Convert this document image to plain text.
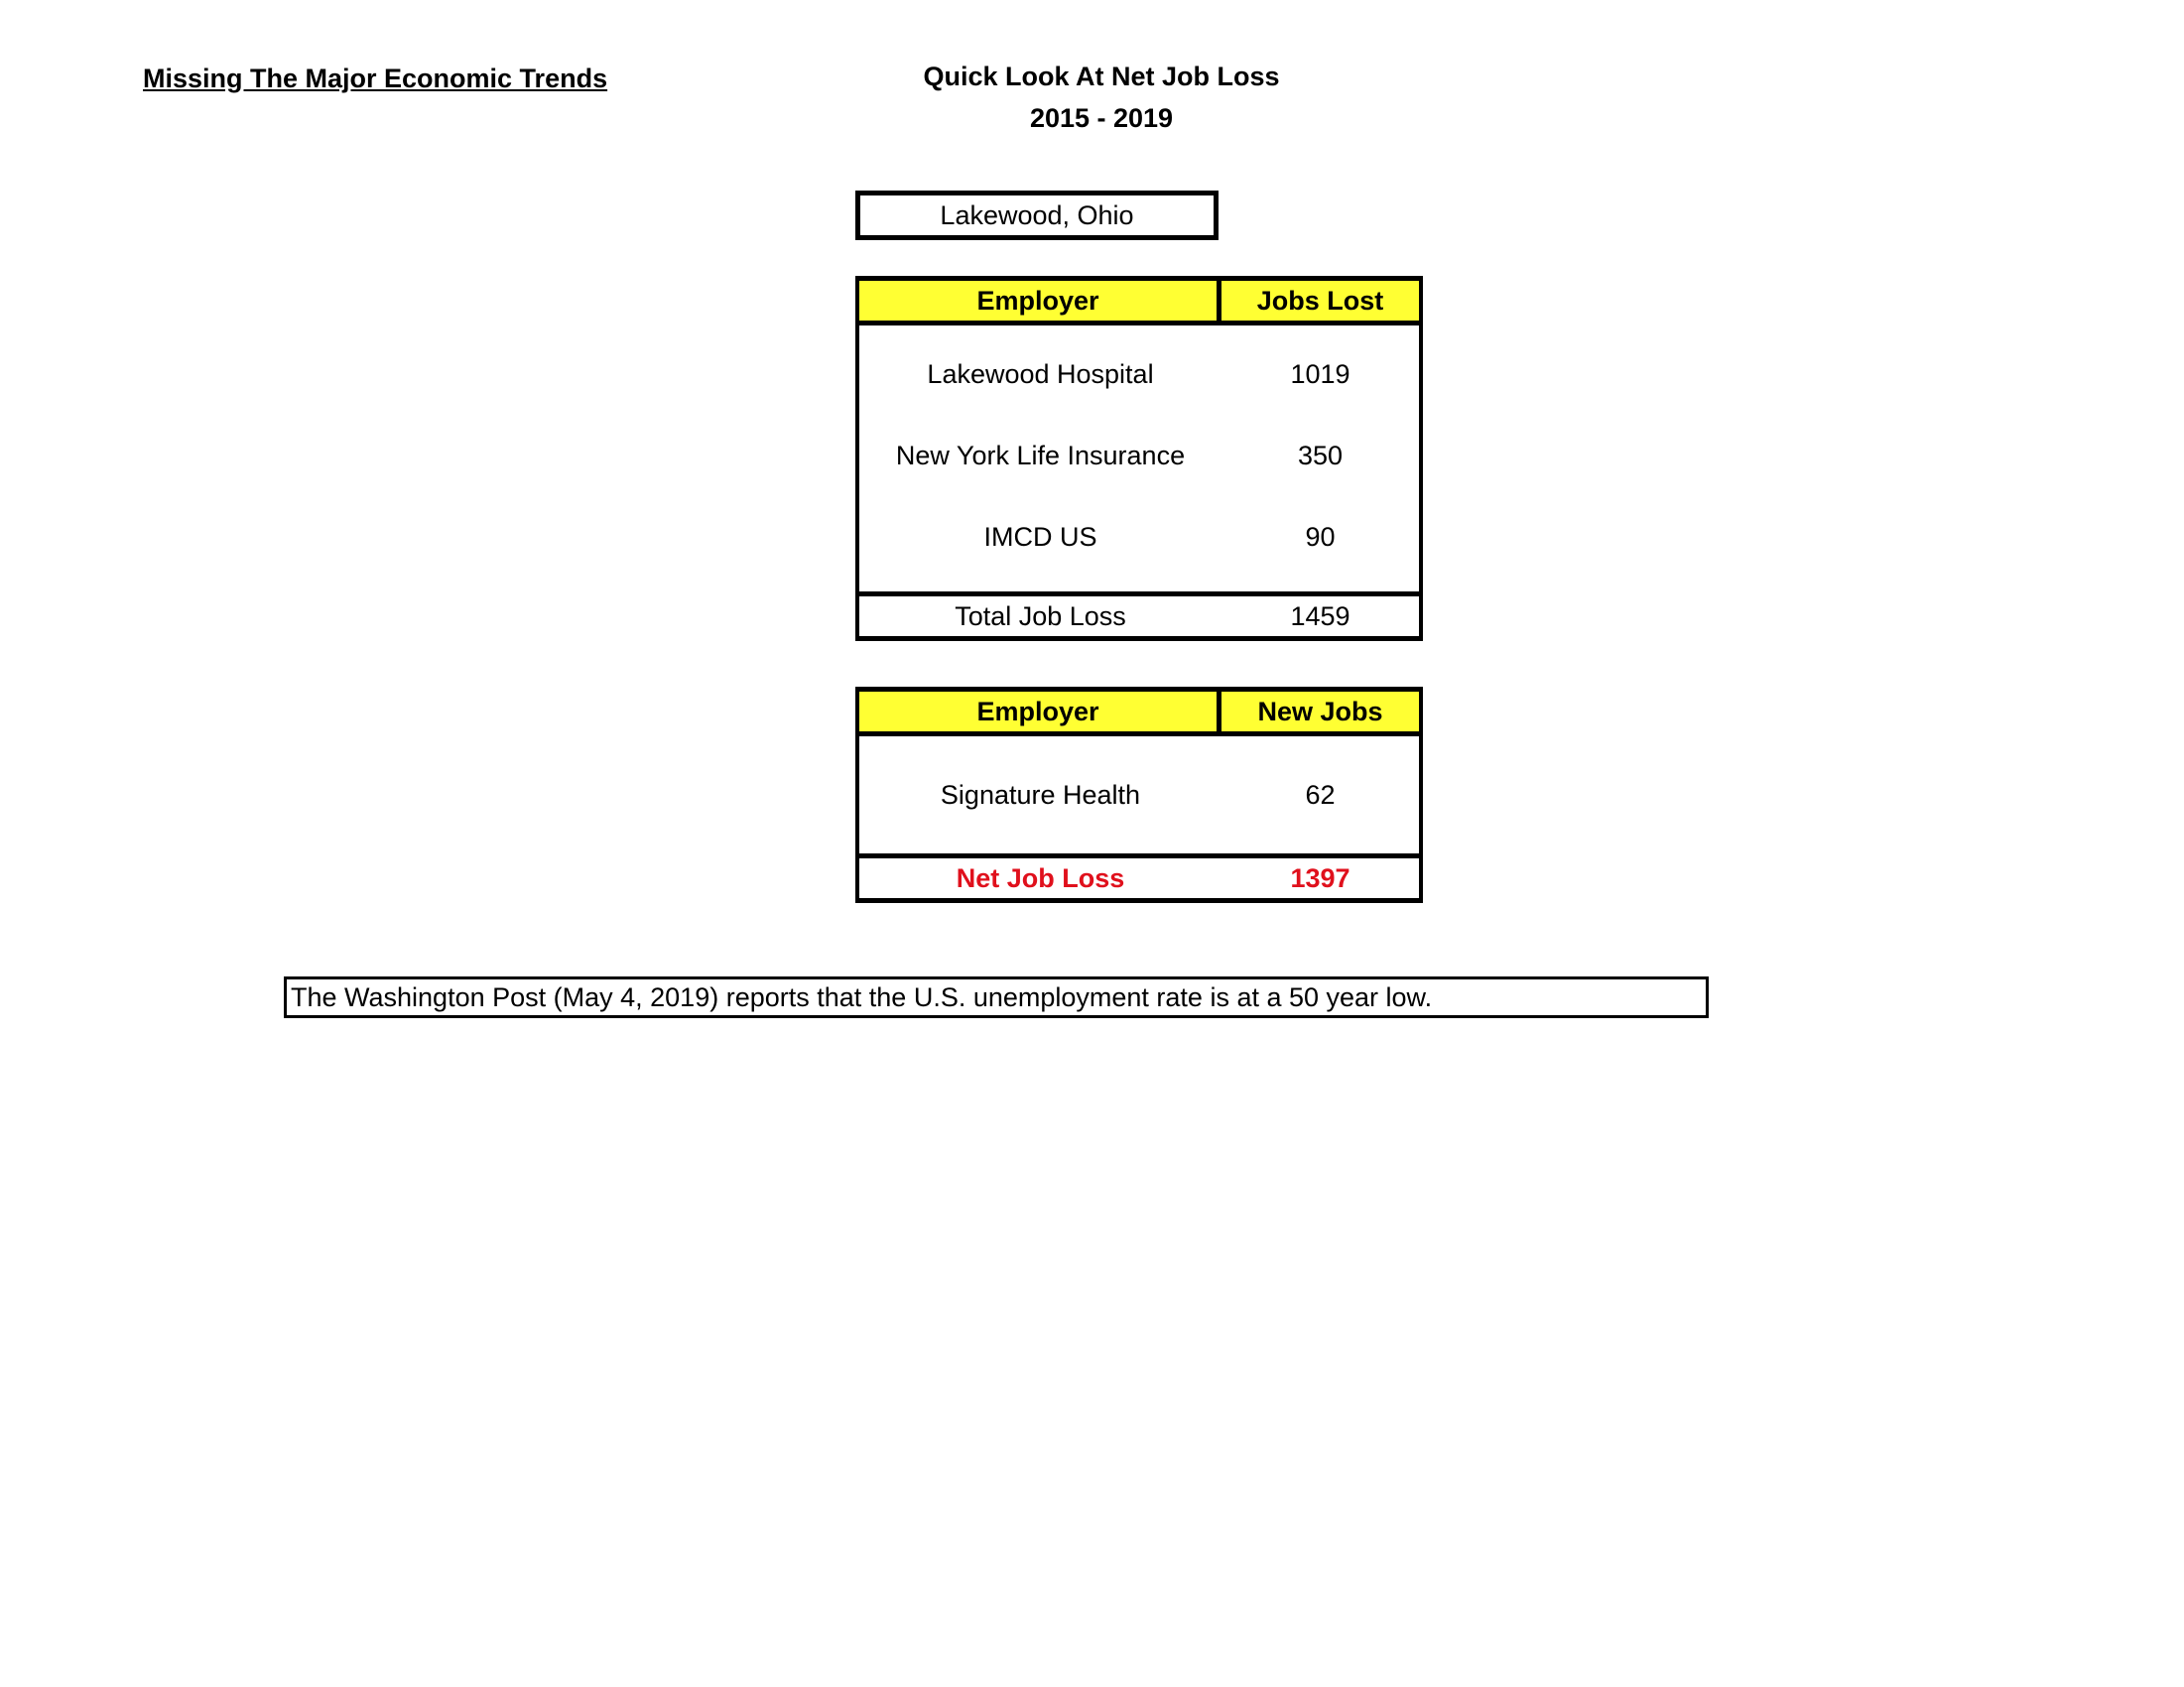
Missing The Major Economic Trends	Quick Look At Net Job Loss
2015 - 2019
Lakewood, Ohio
Employer	Jobs Lost
Lakewood Hospital	1019
New York Life Insurance	350
IMCD US	90
Total Job Loss	1459
Employer	New Jobs
Signature Health	62
Net Job Loss	1397
The Washington Post (May 4, 2019) reports that the U.S. unemployment rate is at a 50 year low.
